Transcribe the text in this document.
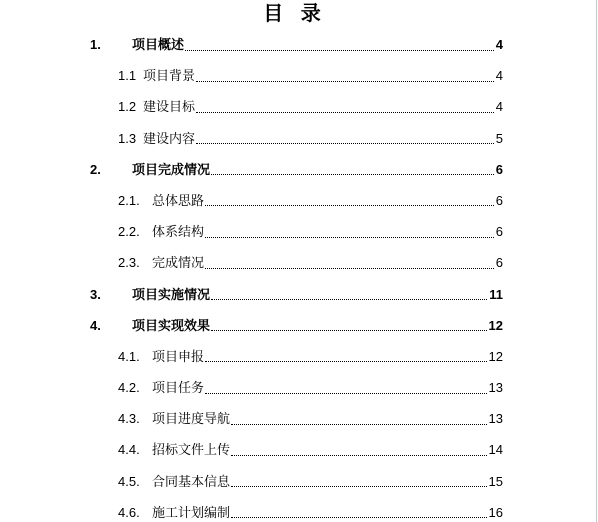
目 录
1. 项目概述	4
1.1 项目背景	4
1.2 建设目标	4
1.3 建设内容	5
2. 项目完成情况	6
2.1. 总体思路	6
2.2. 体系结构	6
2.3. 完成情况	6
3. 项目实施情况	11
4. 项目实现效果	12
4.1. 项目申报	12
4.2. 项目任务	13
4.3. 项目进度导航	13
4.4. 招标文件上传	14
4.5. 合同基本信息	15
4.6. 施工计划编制	16
